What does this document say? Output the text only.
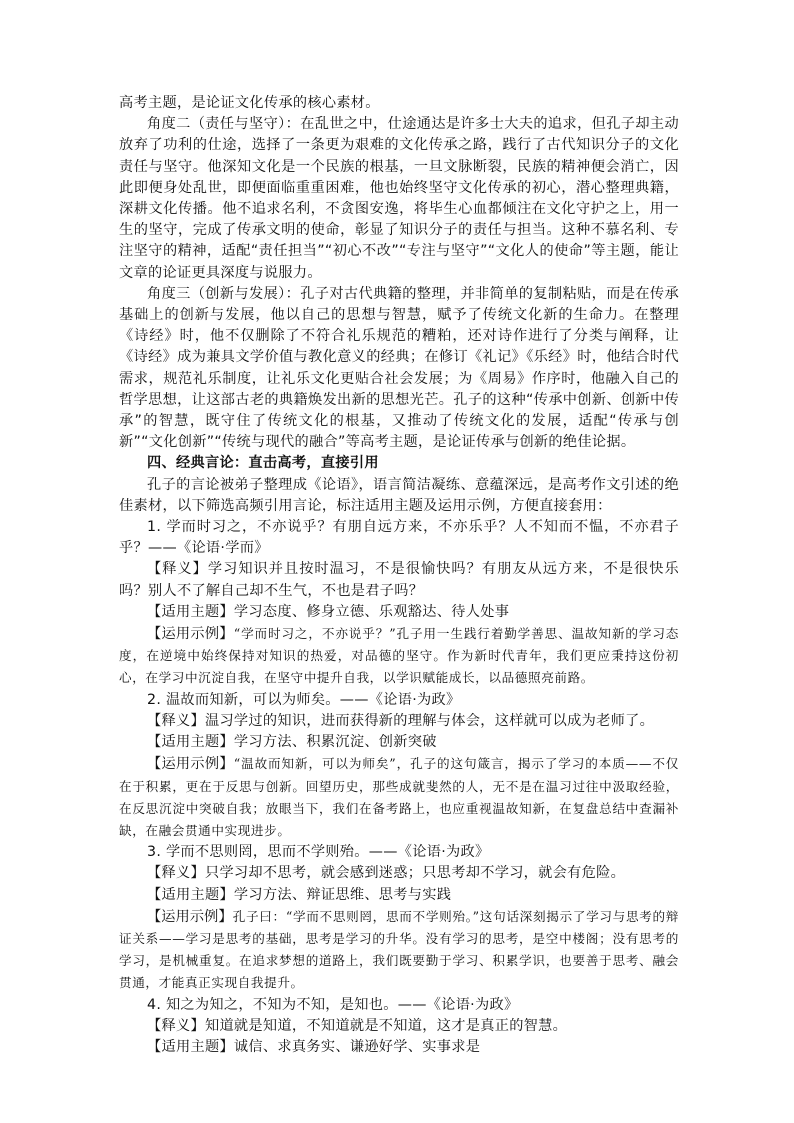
高考主题，是论证文化传承的核心素材。

角度二（责任与坚守）：在乱世之中，仕途通达是许多士大夫的追求，但孔子却主动放弃了功利的仕途，选择了一条更为艰难的文化传承之路，践行了古代知识分子的文化责任与坚守。他深知文化是一个民族的根基，一旦文脉断裂，民族的精神便会消亡，因此即便身处乱世，即便面临重重困难，他也始终坚守文化传承的初心，潜心整理典籍，深耕文化传播。他不追求名利，不贪图安逸，将毕生心血都倾注在文化守护之上，用一生的坚守，完成了传承文明的使命，彰显了知识分子的责任与担当。这种不慕名利、专注坚守的精神，适配“责任担当”“初心不改”“专注与坚守”“文化人的使命”等主题，能让文章的论证更具深度与说服力。

角度三（创新与发展）：孔子对古代典籍的整理，并非简单的复制粘贴，而是在传承基础上的创新与发展，他以自己的思想与智慧，赋予了传统文化新的生命力。在整理《诗经》时，他不仅删除了不符合礼乐规范的糟粕，还对诗作进行了分类与阐释，让《诗经》成为兼具文学价值与教化意义的经典；在修订《礼记》《乐经》时，他结合时代需求，规范礼乐制度，让礼乐文化更贴合社会发展；为《周易》作序时，他融入自己的哲学思想，让这部古老的典籍焕发出新的思想光芒。孔子的这种“传承中创新、创新中传承”的智慧，既守住了传统文化的根基，又推动了传统文化的发展，适配“传承与创新”“文化创新”“传统与现代的融合”等高考主题，是论证传承与创新的绝佳论据。

四、经典言论：直击高考，直接引用

孔子的言论被弟子整理成《论语》，语言简洁凝练、意蕴深远，是高考作文引述的绝佳素材，以下筛选高频引用言论，标注适用主题及运用示例，方便直接套用：

1. 学而时习之，不亦说乎？有朋自远方来，不亦乐乎？人不知而不愠，不亦君子乎？——《论语·学而》

【释义】学习知识并且按时温习，不是很愉快吗？有朋友从远方来，不是很快乐吗？别人不了解自己却不生气，不也是君子吗？

【适用主题】学习态度、修身立德、乐观豁达、待人处事

【运用示例】“学而时习之，不亦说乎？”孔子用一生践行着勤学善思、温故知新的学习态度，在逆境中始终保持对知识的热爱，对品德的坚守。作为新时代青年，我们更应秉持这份初心，在学习中沉淀自我，在坚守中提升自我，以学识赋能成长，以品德照亮前路。

2. 温故而知新，可以为师矣。——《论语·为政》

【释义】温习学过的知识，进而获得新的理解与体会，这样就可以成为老师了。

【适用主题】学习方法、积累沉淀、创新突破

【运用示例】“温故而知新，可以为师矣”，孔子的这句箴言，揭示了学习的本质——不仅在于积累，更在于反思与创新。回望历史，那些成就斐然的人，无不是在温习过往中汲取经验，在反思沉淀中突破自我；放眼当下，我们在备考路上，也应重视温故知新，在复盘总结中查漏补缺，在融会贯通中实现进步。

3. 学而不思则罔，思而不学则殆。——《论语·为政》

【释义】只学习却不思考，就会感到迷惑；只思考却不学习，就会有危险。

【适用主题】学习方法、辩证思维、思考与实践

【运用示例】孔子曰：“学而不思则罔，思而不学则殆。”这句话深刻揭示了学习与思考的辩证关系——学习是思考的基础，思考是学习的升华。没有学习的思考，是空中楼阁；没有思考的学习，是机械重复。在追求梦想的道路上，我们既要勤于学习、积累学识，也要善于思考、融会贯通，才能真正实现自我提升。

4. 知之为知之，不知为不知，是知也。——《论语·为政》

【释义】知道就是知道，不知道就是不知道，这才是真正的智慧。

【适用主题】诚信、求真务实、谦逊好学、实事求是
